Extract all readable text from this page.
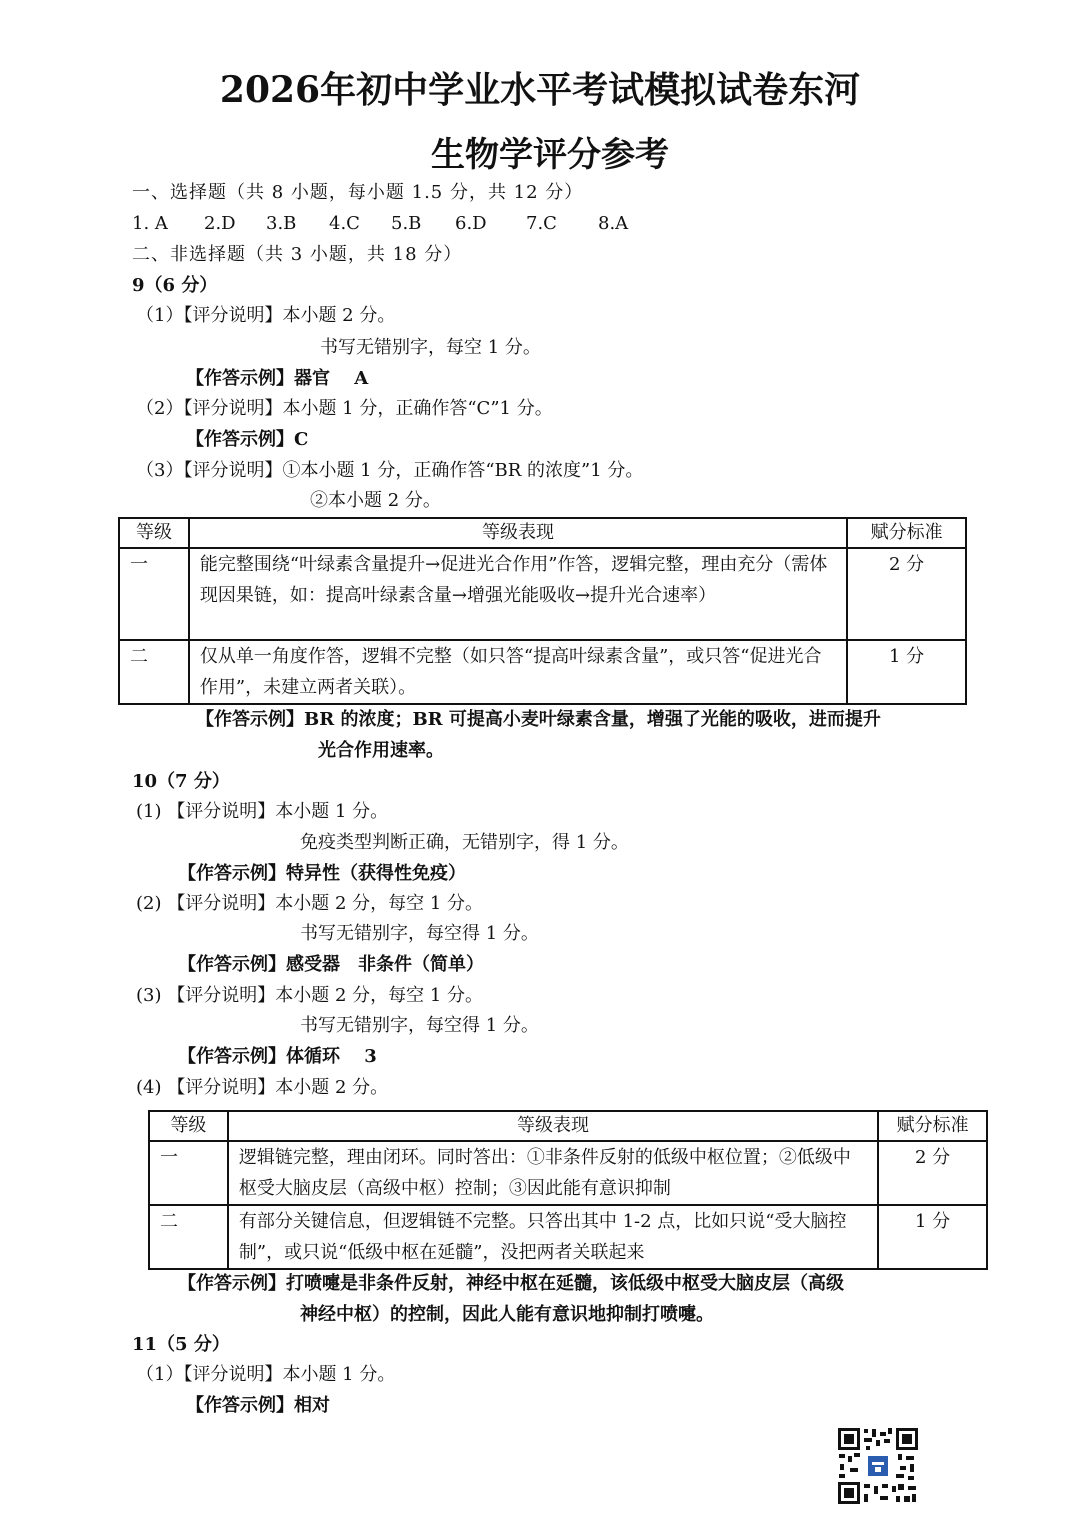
2026年初中学业水平考试模拟试卷东河
生物学评分参考
一、选择题（共 8 小题，每小题 1.5 分，共 12 分）
1. A 2.D 3.B 4.C 5.B 6.D 7.C 8.A
二、非选择题（共 3 小题，共 18 分）
9（6 分）
（1）【评分说明】本小题 2 分。
书写无错别字，每空 1 分。
【作答示例】器官　 A
（2）【评分说明】本小题 1 分，正确作答“C”1 分。
【作答示例】C
（3）【评分说明】①本小题 1 分，正确作答“BR 的浓度”1 分。
②本小题 2 分。
等级	等级表现	赋分标准
一	能完整围绕“叶绿素含量提升→促进光合作用”作答，逻辑完整，理由充分（需体现因果链，如：提高叶绿素含量→增强光能吸收→提升光合速率）	2 分
二	仅从单一角度作答，逻辑不完整（如只答“提高叶绿素含量”，或只答“促进光合作用”，未建立两者关联）。	1 分
【作答示例】BR 的浓度；BR 可提高小麦叶绿素含量，增强了光能的吸收，进而提升
光合作用速率。
10（7 分）
(1) 【评分说明】本小题 1 分。
免疫类型判断正确，无错别字，得 1 分。
【作答示例】特异性（获得性免疫）
(2) 【评分说明】本小题 2 分，每空 1 分。
书写无错别字，每空得 1 分。
【作答示例】感受器　非条件（简单）
(3) 【评分说明】本小题 2 分，每空 1 分。
书写无错别字，每空得 1 分。
【作答示例】体循环　 3
(4) 【评分说明】本小题 2 分。
等级	等级表现	赋分标准
一	逻辑链完整，理由闭环。同时答出：①非条件反射的低级中枢位置；②低级中枢受大脑皮层（高级中枢）控制；③因此能有意识抑制	2 分
二	有部分关键信息，但逻辑链不完整。只答出其中 1-2 点，比如只说“受大脑控制”，或只说“低级中枢在延髓”，没把两者关联起来	1 分
【作答示例】打喷嚏是非条件反射，神经中枢在延髓，该低级中枢受大脑皮层（高级
神经中枢）的控制，因此人能有意识地抑制打喷嚏。
11（5 分）
（1）【评分说明】本小题 1 分。
【作答示例】相对
